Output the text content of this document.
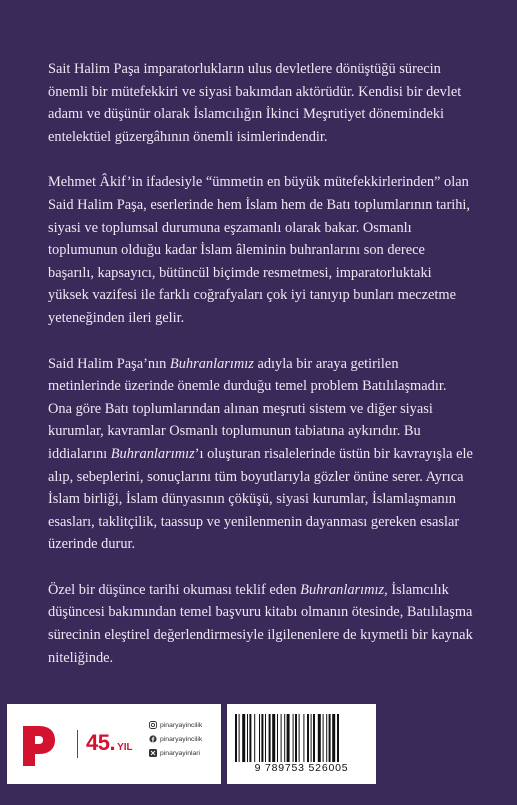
Sait Halim Paşa imparatorlukların ulus devletlere dönüştüğü sürecin önemli bir mütefekkiri ve siyasi bakımdan aktörüdür. Kendisi bir devlet adamı ve düşünür olarak İslamcılığın İkinci Meşrutiyet dönemindeki entelektüel güzergâhının önemli isimlerindendir.

Mehmet Âkif’in ifadesiyle “ümmetin en büyük mütefekkirlerinden” olan Said Halim Paşa, eserlerinde hem İslam hem de Batı toplumlarının tarihi, siyasi ve toplumsal durumuna eşzamanlı olarak bakar. Osmanlı toplumunun olduğu kadar İslam âleminin buhranlarını son derece başarılı, kapsayıcı, bütüncül biçimde resmetmesi, imparatorluktaki yüksek vazifesi ile farklı coğrafyaları çok iyi tanıyıp bunları meczetme yeteneğinden ileri gelir.

Said Halim Paşa’nın Buhranlarımız adıyla bir araya getirilen metinlerinde üzerinde önemle durduğu temel problem Batılılaşmadır. Ona göre Batı toplumlarından alınan meşruti sistem ve diğer siyasi kurumlar, kavramlar Osmanlı toplumunun tabiatına aykırıdır. Bu iddialarını Buhranlarımız’ı oluşturan risalelerinde üstün bir kavrayışla ele alıp, sebeplerini, sonuçlarını tüm boyutlarıyla gözler önüne serer. Ayrıca İslam birliği, İslam dünyasının çöküşü, siyasi kurumlar, İslamlaşmanın esasları, taklitçilik, taassup ve yenilenmenin dayanması gereken esaslar üzerinde durur.

Özel bir düşünce tarihi okuması teklif eden Buhranlarımız, İslamcılık düşüncesi bakımından temel başvuru kitabı olmanın ötesinde, Batılılaşma sürecinin eleştirel değerlendirmesiyle ilgilenenlere de kıymetli bir kaynak niteliğinde.

45. YIL
pinaryayincilik
pinaryayincilik
pinaryayinlari
9 789753 526005
